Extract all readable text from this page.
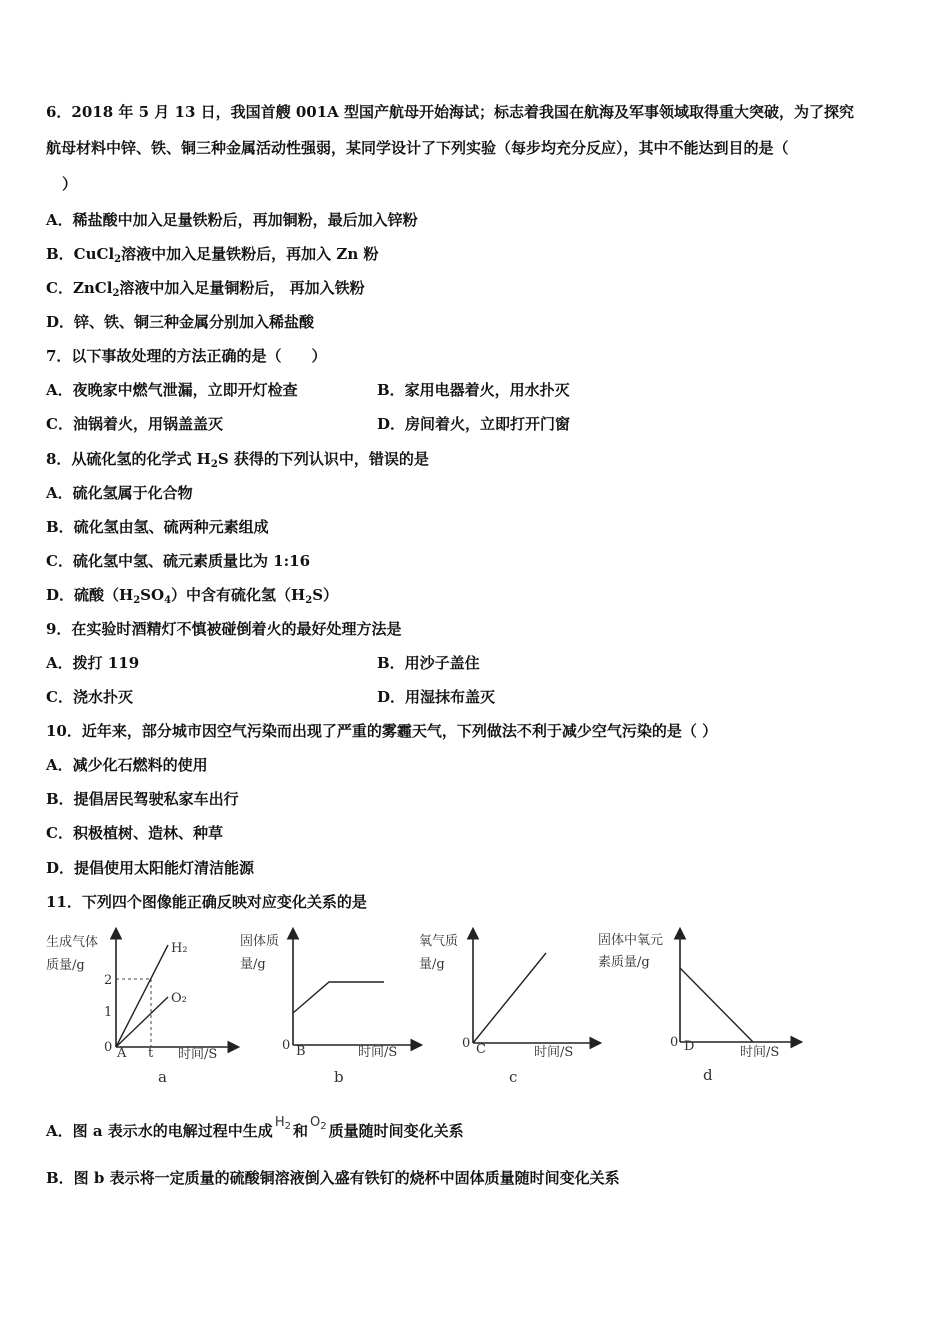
6．2018 年 5 月 13 日，我国首艘 001A 型国产航母开始海试；标志着我国在航海及军事领域取得重大突破，为了探究
航母材料中锌、铁、铜三种金属活动性强弱，某同学设计了下列实验（每步均充分反应），其中不能达到目的是（
）
A．稀盐酸中加入足量铁粉后，再加铜粉，最后加入锌粉
B．CuCl$_2$溶液中加入足量铁粉后，再加入 Zn 粉
C．ZnCl$_2$溶液中加入足量铜粉后， 再加入铁粉
D．锌、铁、铜三种金属分别加入稀盐酸
7．以下事故处理的方法正确的是（　　）
A．夜晚家中燃气泄漏，立即开灯检查	B．家用电器着火，用水扑灭
C．油锅着火，用锅盖盖灭	D．房间着火，立即打开门窗
8．从硫化氢的化学式 $H_2S$ 获得的下列认识中，错误的是
A．硫化氢属于化合物
B．硫化氢由氢、硫两种元素组成
C．硫化氢中氢、硫元素质量比为 1:16
D．硫酸$(H_2SO_4)$中含有硫化氢$(H_2S)$
9．在实验时酒精灯不慎被碰倒着火的最好处理方法是
A．拨打 119	B．用沙子盖住
C．浇水扑灭	D．用湿抹布盖灭
10．近年来，部分城市因空气污染而出现了严重的雾霾天气，下列做法不利于减少空气污染的是（ ）
A．减少化石燃料的使用
B．提倡居民驾驶私家车出行
C．积极植树、造林、种草
D．提倡使用太阳能灯清洁能源
11．下列四个图像能正确反映对应变化关系的是
生成气体
质量/g
H₂
O₂
2
1
0 A t 时间/S
a
固体质
量/g
0 B	时间/S
b
氧气质
量/g
0 C	时间/S
c
固体中氧元
素质量/g
0 D	时间/S
d
A．图 a 表示水的电解过程中生成 $H_2$ 和 $O_2$ 质量随时间变化关系
B．图 b 表示将一定质量的硫酸铜溶液倒入盛有铁钉的烧杯中固体质量随时间变化关系
